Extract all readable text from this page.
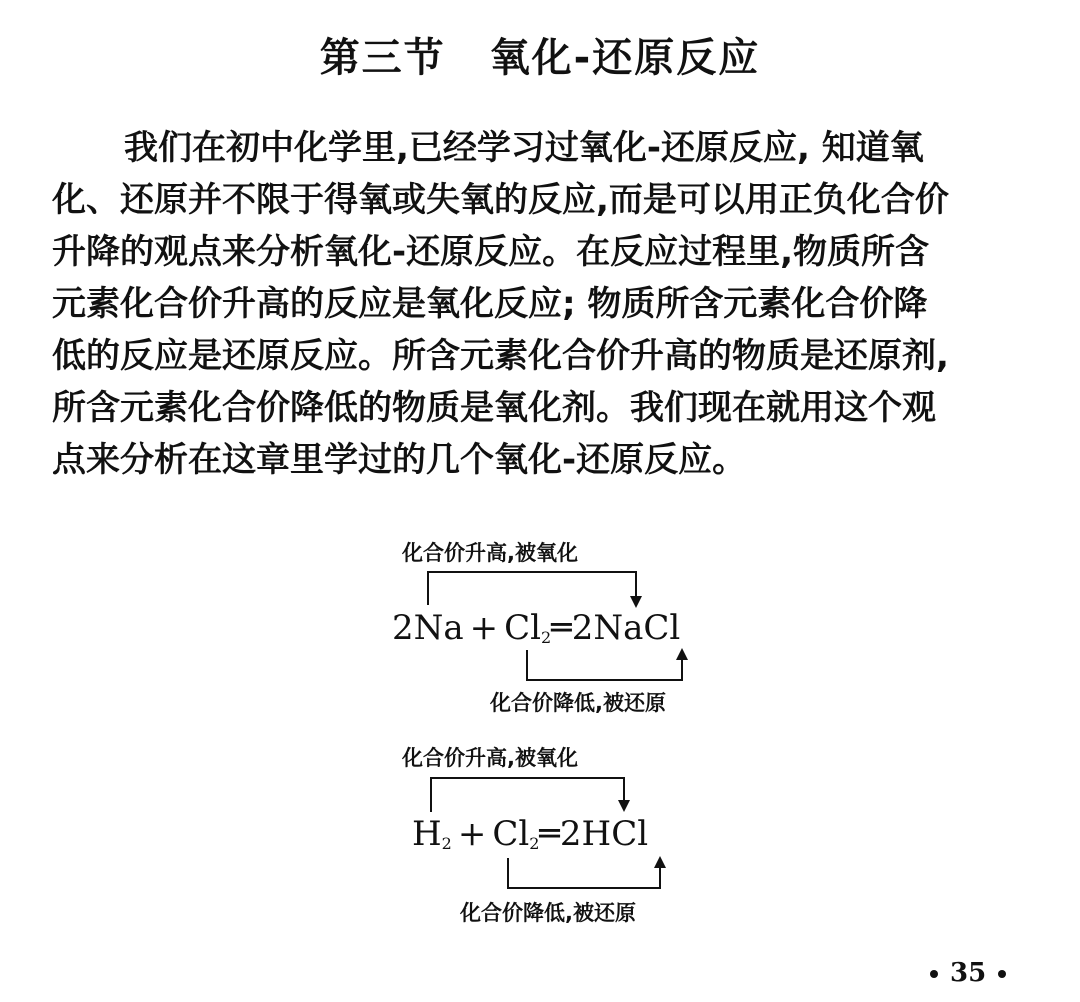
第三节 氧化-还原反应
我们在初中化学里,已经学习过氧化-还原反应, 知道氧
化、还原并不限于得氧或失氧的反应,而是可以用正负化合价
升降的观点来分析氧化-还原反应。在反应过程里,物质所含
元素化合价升高的反应是氧化反应; 物质所含元素化合价降
低的反应是还原反应。所含元素化合价升高的物质是还原剂,
所含元素化合价降低的物质是氧化剂。我们现在就用这个观
点来分析在这章里学过的几个氧化-还原反应。
化合价升高,被氧化
$2Na + Cl_2═2NaCl$
化合价降低,被还原
化合价升高,被氧化
$H_2$ + $Cl_2═2HCl$
化合价降低,被还原
35
